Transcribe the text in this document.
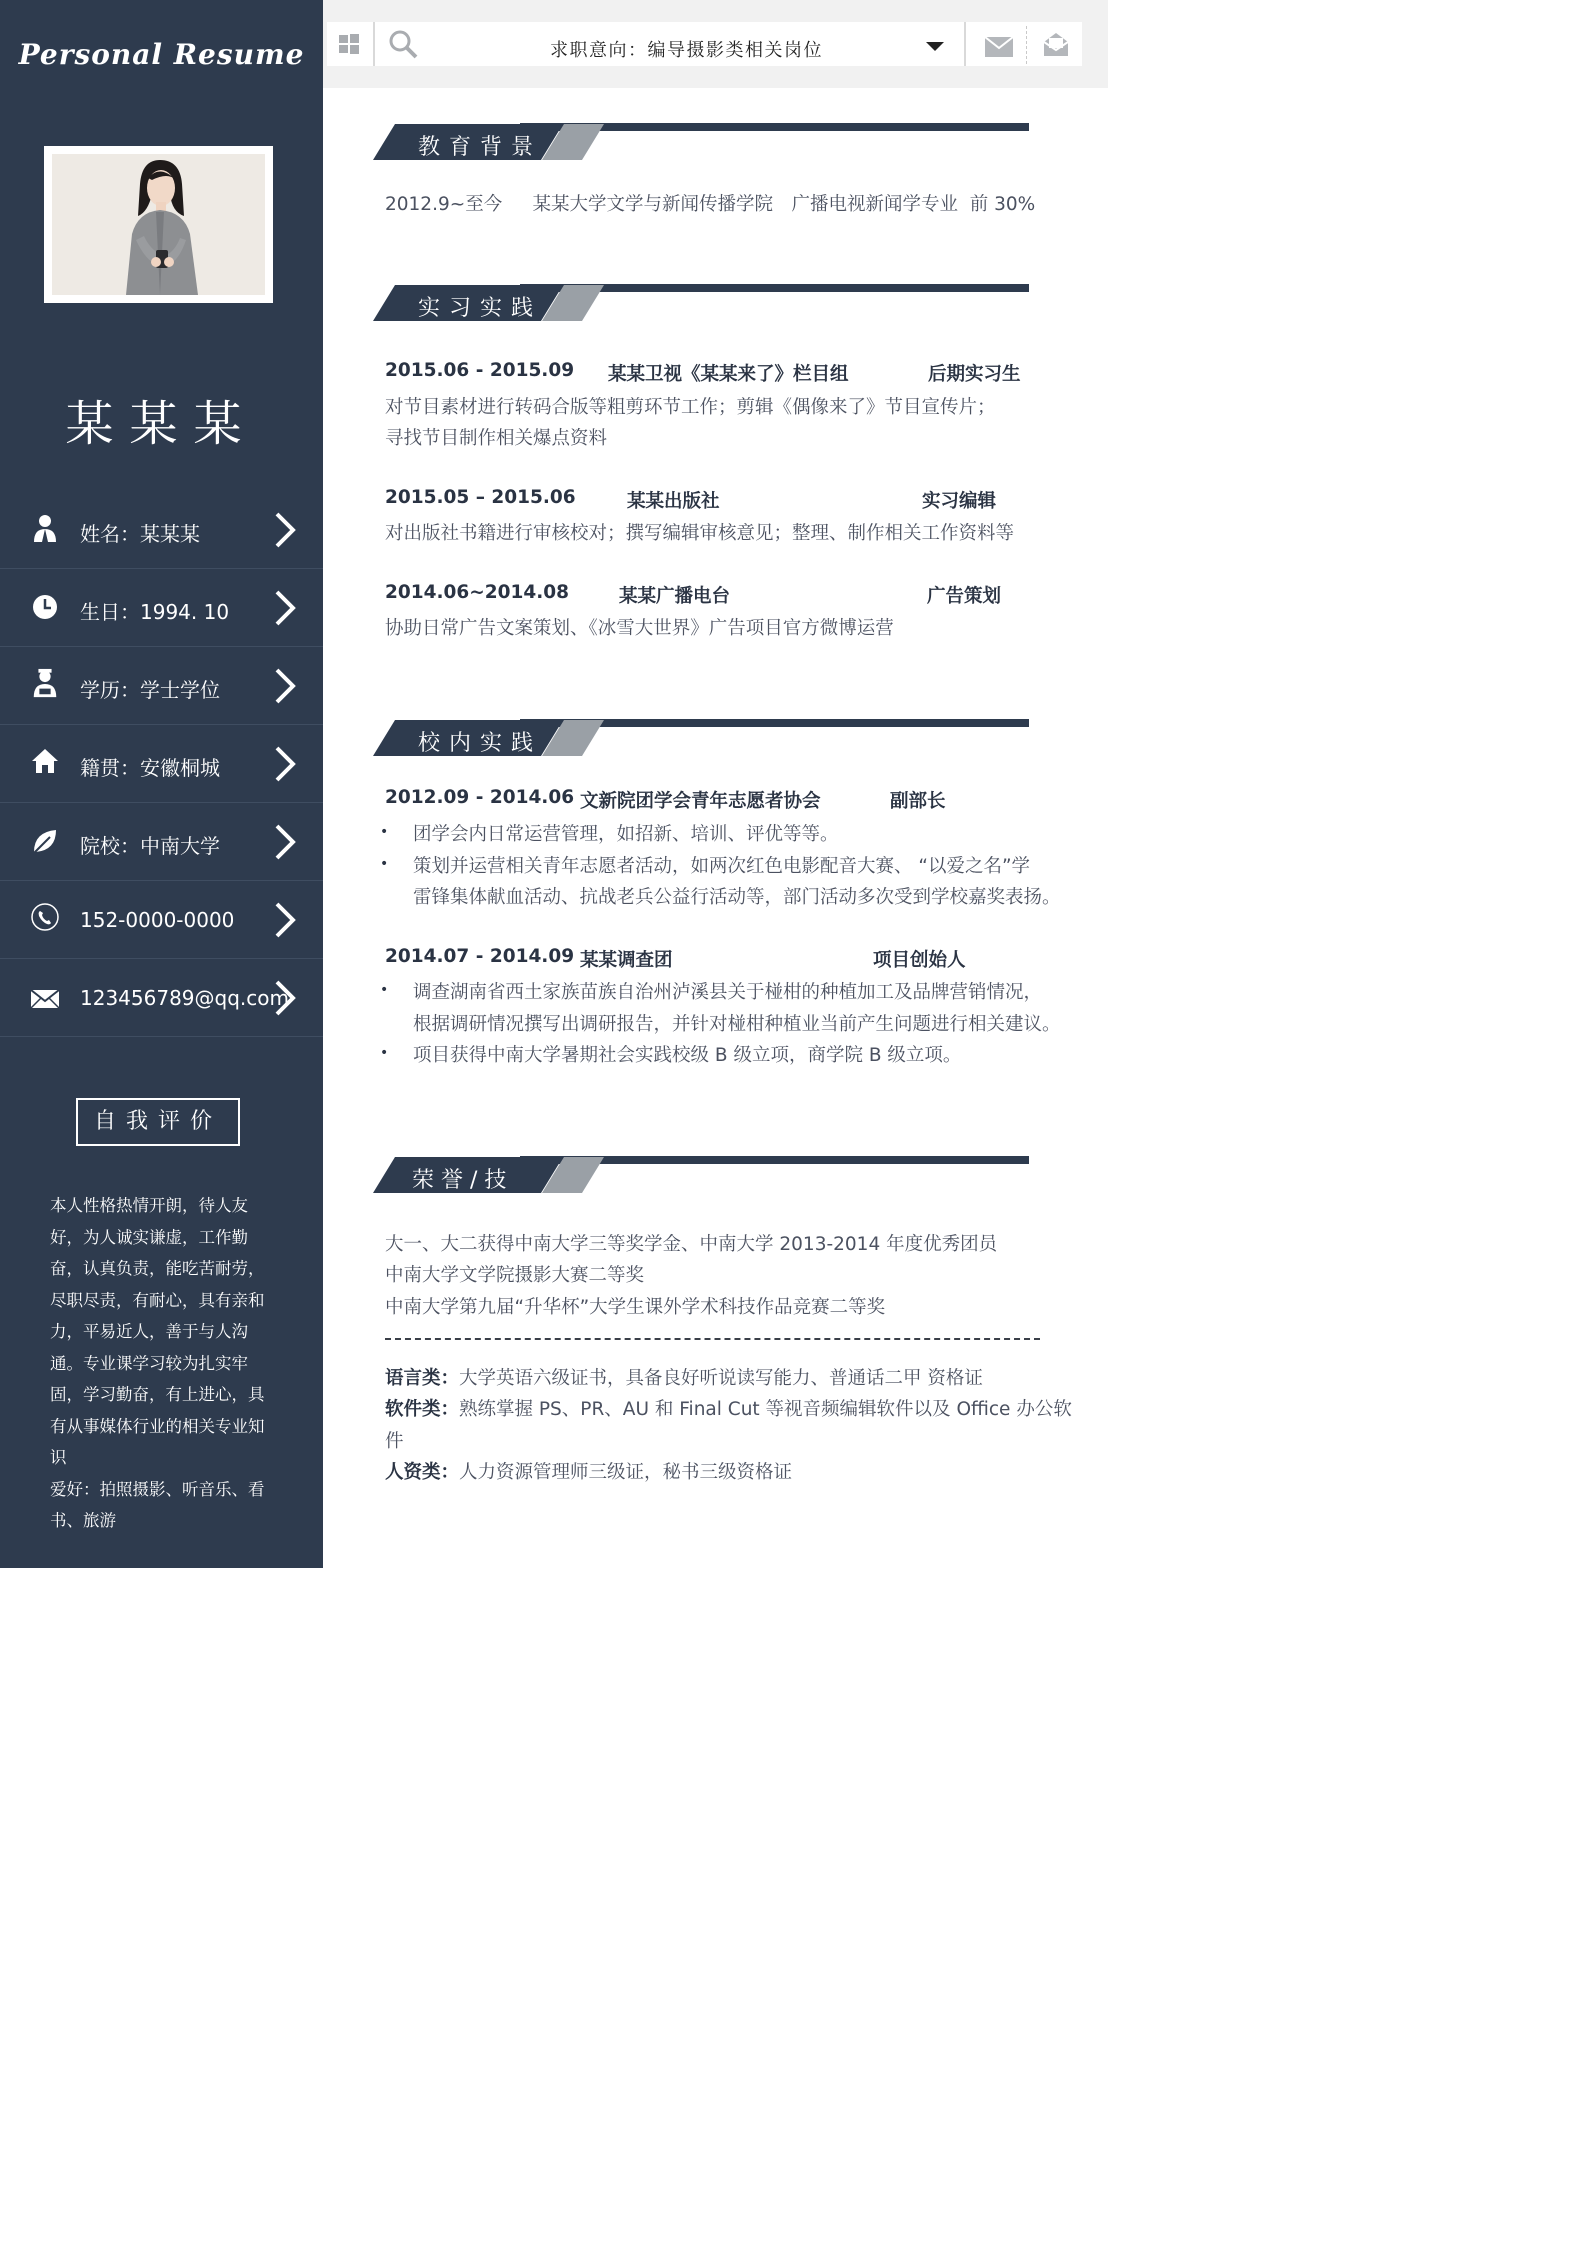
Personal Resume
某某某
姓名：某某某
生日：1994. 10
学历：学士学位
籍贯：安徽桐城
院校：中南大学
152-0000-0000
123456789@qq.com
自我评价
本人性格热情开朗，待人友好，为人诚实谦虚，工作勤奋，认真负责，能吃苦耐劳，尽职尽责，有耐心，具有亲和力，平易近人，善于与人沟通。专业课学习较为扎实牢固，学习勤奋，有上进心，具有从事媒体行业的相关专业知识
爱好：拍照摄影、听音乐、看书、旅游
求职意向：编导摄影类相关岗位
教育背景
2012.9~至今　  某某大学文学与新闻传播学院　广播电视新闻学专业  前 30%
实习实践
2015.06 - 2015.09 某某卫视《某某来了》栏目组	后期实习生
对节目素材进行转码合版等粗剪环节工作；剪辑《偶像来了》节目宣传片；
寻找节目制作相关爆点资料
2015.05 – 2015.06	某某出版社	实习编辑
对出版社书籍进行审核校对；撰写编辑审核意见；整理、制作相关工作资料等
2014.06~2014.08	某某广播电台	广告策划
协助日常广告文案策划、《冰雪大世界》广告项目官方微博运营
校内实践
2012.09 - 2014.06 文新院团学会青年志愿者协会	副部长
• 团学会内日常运营管理，如招新、培训、评优等等。
• 策划并运营相关青年志愿者活动，如两次红色电影配音大赛、 “以爱之名”学
雷锋集体献血活动、抗战老兵公益行活动等，部门活动多次受到学校嘉奖表扬。
2014.07 - 2014.09 某某调查团	项目创始人
• 调查湖南省西土家族苗族自治州泸溪县关于椪柑的种植加工及品牌营销情况，
根据调研情况撰写出调研报告，并针对椪柑种植业当前产生问题进行相关建议。
• 项目获得中南大学暑期社会实践校级 B 级立项，商学院 B 级立项。
荣誉/技
大一、大二获得中南大学三等奖学金、中南大学 2013-2014 年度优秀团员
中南大学文学院摄影大赛二等奖
中南大学第九届“升华杯”大学生课外学术科技作品竞赛二等奖
语言类：大学英语六级证书，具备良好听说读写能力、普通话二甲 资格证
软件类：熟练掌握 PS、PR、AU 和 Final Cut 等视音频编辑软件以及 Office 办公软
件
人资类：人力资源管理师三级证，秘书三级资格证
